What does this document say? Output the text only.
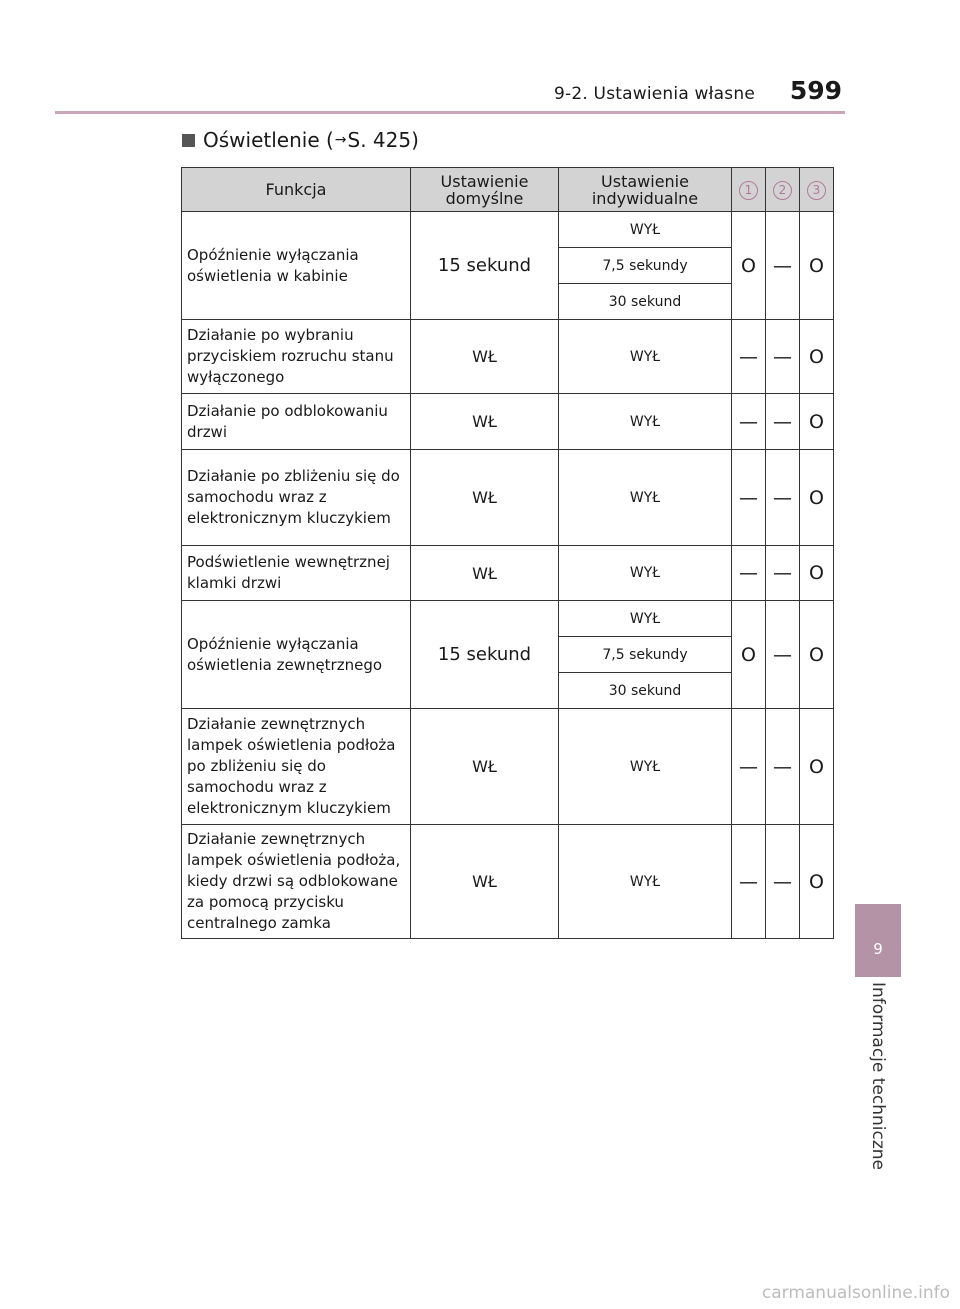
9-2. Ustawienia własne 599
Oświetlenie ( → S. 425)
Funkcja	Ustawienie domyślne	Ustawienie indywidualne	1	2	3
Opóźnienie wyłączania oświetlenia w kabinie	15 sekund	WYŁ	O	—	O
		7,5 sekundy			
		30 sekund			
Działanie po wybraniu przyciskiem rozruchu stanu wyłączonego	WŁ	WYŁ	—	—	O
Działanie po odblokowaniu drzwi	WŁ	WYŁ	—	—	O
Działanie po zbliżeniu się do samochodu wraz z elektronicznym kluczykiem	WŁ	WYŁ	—	—	O
Podświetlenie wewnętrznej klamki drzwi	WŁ	WYŁ	—	—	O
Opóźnienie wyłączania oświetlenia zewnętrznego	15 sekund	WYŁ	O	—	O
		7,5 sekundy			
		30 sekund			
Działanie zewnętrznych lampek oświetlenia podłoża po zbliżeniu się do samochodu wraz z elektronicznym kluczykiem	WŁ	WYŁ	—	—	O
Działanie zewnętrznych lampek oświetlenia podłoża, kiedy drzwi są odblokowane za pomocą przycisku centralnego zamka	WŁ	WYŁ	—	—	O
9
Informacje techniczne
carmanualsonline.info
